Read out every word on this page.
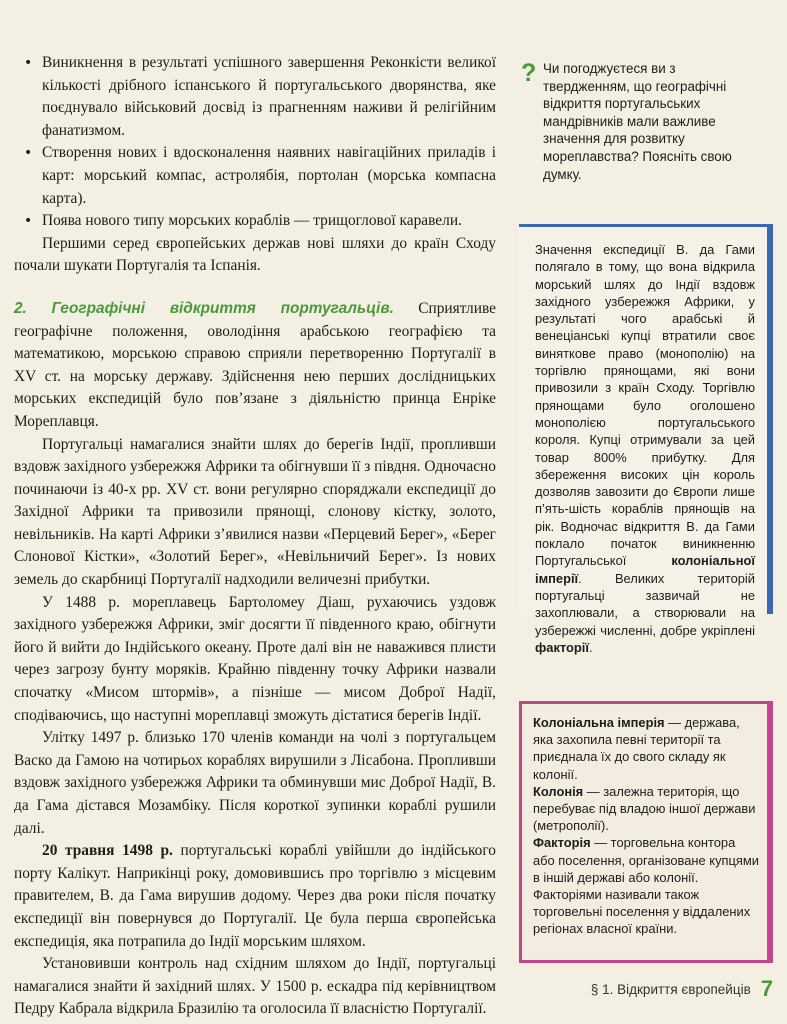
• Виникнення в результаті успішного завершення Реконкісти великої кількості дрібного іспанського й португальського дворянства, яке поєднувало військовий досвід із прагненням наживи й релігійним фанатизмом.
• Створення нових і вдосконалення наявних навігаційних приладів і карт: морський компас, астролябія, портолан (морська компасна карта).
• Поява нового типу морських кораблів — трищоглової каравели.

Першими серед європейських держав нові шляхи до країн Сходу почали шукати Португалія та Іспанія.

2. Географічні відкриття португальців. Сприятливе географічне положення, оволодіння арабською географією та математикою, морською справою сприяли перетворенню Португалії в XV ст. на морську державу. Здійснення нею перших дослідницьких морських експедицій було пов’язане з діяльністю принца Енріке Мореплавця.

Португальці намагалися знайти шлях до берегів Індії, пропливши вздовж західного узбережжя Африки та обігнувши її з півдня. Одночасно починаючи із 40-х рр. XV ст. вони регулярно споряджали експедиції до Західної Африки та привозили прянощі, слонову кістку, золото, невільників. На карті Африки з’явилися назви «Перцевий Берег», «Берег Слонової Кістки», «Золотий Берег», «Невільничий Берег». Із нових земель до скарбниці Португалії надходили величезні прибутки.

У 1488 р. мореплавець Бартоломеу Діаш, рухаючись уздовж західного узбережжя Африки, зміг досягти її південного краю, обігнути його й вийти до Індійського океану. Проте далі він не наважився плисти через загрозу бунту моряків. Крайню південну точку Африки назвали спочатку «Мисом штормів», а пізніше — мисом Доброї Надії, сподіваючись, що наступні мореплавці зможуть дістатися берегів Індії.

Улітку 1497 р. близько 170 членів команди на чолі з португальцем Васко да Гамою на чотирьох кораблях вирушили з Лісабона. Пропливши вздовж західного узбережжя Африки та обминувши мис Доброї Надії, В. да Гама дістався Мозамбіку. Після короткої зупинки кораблі рушили далі.

20 травня 1498 р. португальські кораблі увійшли до індійського порту Калікут. Наприкінці року, домовившись про торгівлю з місцевим правителем, В. да Гама вирушив додому. Через два роки після початку експедиції він повернувся до Португалії. Це була перша європейська експедиція, яка потрапила до Індії морським шляхом.

Установивши контроль над східним шляхом до Індії, португальці намагалися знайти й західний шлях. У 1500 р. ескадра під керівництвом Педру Кабрала відкрила Бразилію та оголосила її власністю Португалії.

? Чи погоджуєтеся ви з твердженням, що географічні відкриття португальських мандрівників мали важливе значення для розвитку мореплавства? Поясніть свою думку.
Значення експедиції В. да Гами полягало в тому, що вона відкрила морський шлях до Індії вздовж західного узбережжя Африки, у результаті чого арабські й венеціанські купці втратили своє виняткове право (монополію) на торгівлю прянощами, які вони привозили з країн Сходу. Торгівлю прянощами було оголошено монополією португальського короля. Купці отримували за цей товар 800% прибутку. Для збереження високих цін король дозволяв завозити до Європи лише п’ять-шість кораблів прянощів на рік. Водночас відкриття В. да Гами поклало початок виникненню Португальської колоніальної імперії. Великих територій португальці зазвичай не захоплювали, а створювали на узбережжі численні, добре укріплені факторії.
Колоніальна імперія — держава, яка захопила певні території та приєднала їх до свого складу як колонії.
Колонія — залежна територія, що перебуває під владою іншої держави (метрополії).
Факторія — торговельна контора або поселення, організоване купцями в іншій державі або колонії. Факторіями називали також торговельні поселення у віддалених регіонах власної країни.
§ 1. Відкриття європейців 7
